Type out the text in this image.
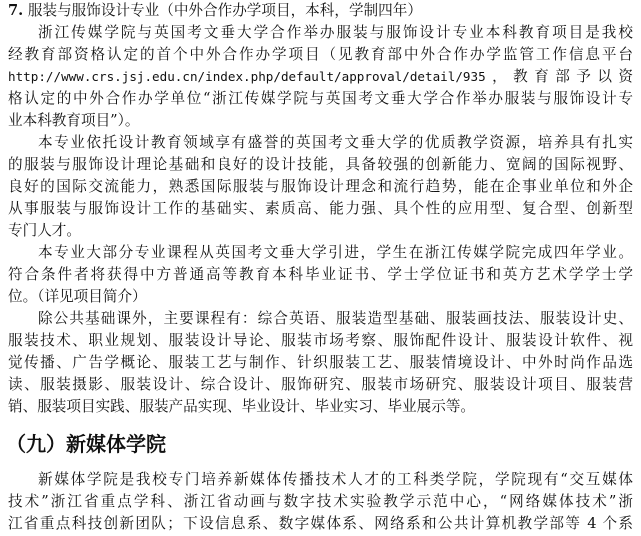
7. 服装与服饰设计专业（中外合作办学项目，本科，学制四年）
浙江传媒学院与英国考文垂大学合作举办服装与服饰设计专业本科教育项目是我校
经教育部资格认定的首个中外合作办学项目（见教育部中外合作办学监管工作信息平台
http://www.crs.jsj.edu.cn/index.php/default/approval/detail/935，教育部予以资
格认定的中外合作办学单位“浙江传媒学院与英国考文垂大学合作举办服装与服饰设计专
业本科教育项目”）。
本专业依托设计教育领域享有盛誉的英国考文垂大学的优质教学资源，培养具有扎实
的服装与服饰设计理论基础和良好的设计技能，具备较强的创新能力、宽阔的国际视野、
良好的国际交流能力，熟悉国际服装与服饰设计理念和流行趋势，能在企事业单位和外企
从事服装与服饰设计工作的基础实、素质高、能力强、具个性的应用型、复合型、创新型
专门人才。
本专业大部分专业课程从英国考文垂大学引进，学生在浙江传媒学院完成四年学业。
符合条件者将获得中方普通高等教育本科毕业证书、学士学位证书和英方艺术学学士学
位。（详见项目简介）
除公共基础课外，主要课程有：综合英语、服装造型基础、服装画技法、服装设计史、
服装技术、职业规划、服装设计导论、服装市场考察、服饰配件设计、服装设计软件、视
觉传播、广告学概论、服装工艺与制作、针织服装工艺、服装情境设计、中外时尚作品选
读、服装摄影、服装设计、综合设计、服饰研究、服装市场研究、服装设计项目、服装营
销、服装项目实践、服装产品实现、毕业设计、毕业实习、毕业展示等。
（九）新媒体学院
新媒体学院是我校专门培养新媒体传播技术人才的工科类学院，学院现有“交互媒体
技术”浙江省重点学科、浙江省动画与数字技术实验教学示范中心，“网络媒体技术”浙
江省重点科技创新团队；下设信息系、数字媒体系、网络系和公共计算机教学部等 4 个系
